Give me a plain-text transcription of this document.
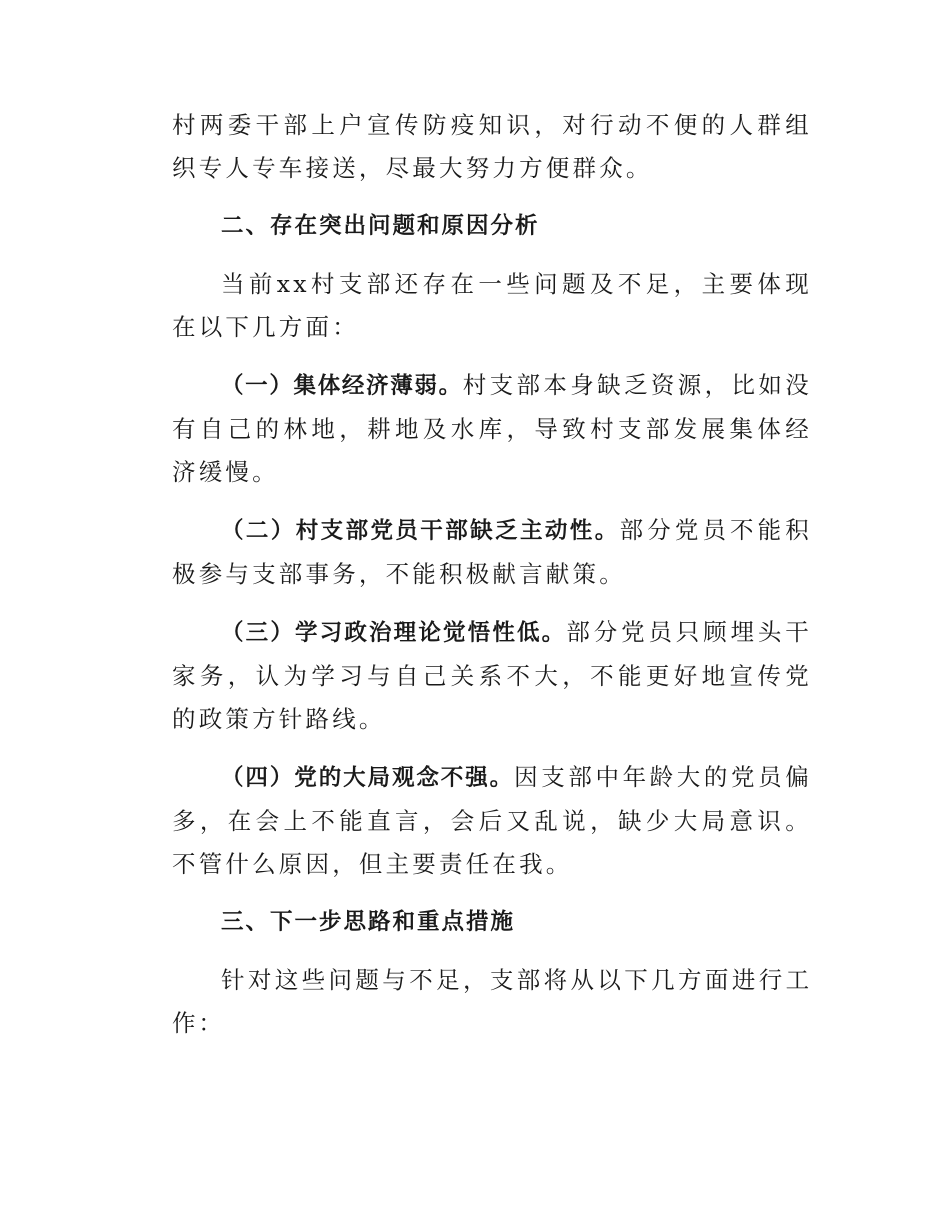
村两委干部上户宣传防疫知识，对行动不便的人群组织专人专车接送，尽最大努力方便群众。

二、存在突出问题和原因分析

当前xx村支部还存在一些问题及不足，主要体现在以下几方面：

（一）集体经济薄弱。村支部本身缺乏资源，比如没有自己的林地，耕地及水库，导致村支部发展集体经济缓慢。

（二）村支部党员干部缺乏主动性。部分党员不能积极参与支部事务，不能积极献言献策。

（三）学习政治理论觉悟性低。部分党员只顾埋头干家务，认为学习与自己关系不大，不能更好地宣传党的政策方针路线。

（四）党的大局观念不强。因支部中年龄大的党员偏多，在会上不能直言，会后又乱说，缺少大局意识。不管什么原因，但主要责任在我。

三、下一步思路和重点措施

针对这些问题与不足，支部将从以下几方面进行工作：
